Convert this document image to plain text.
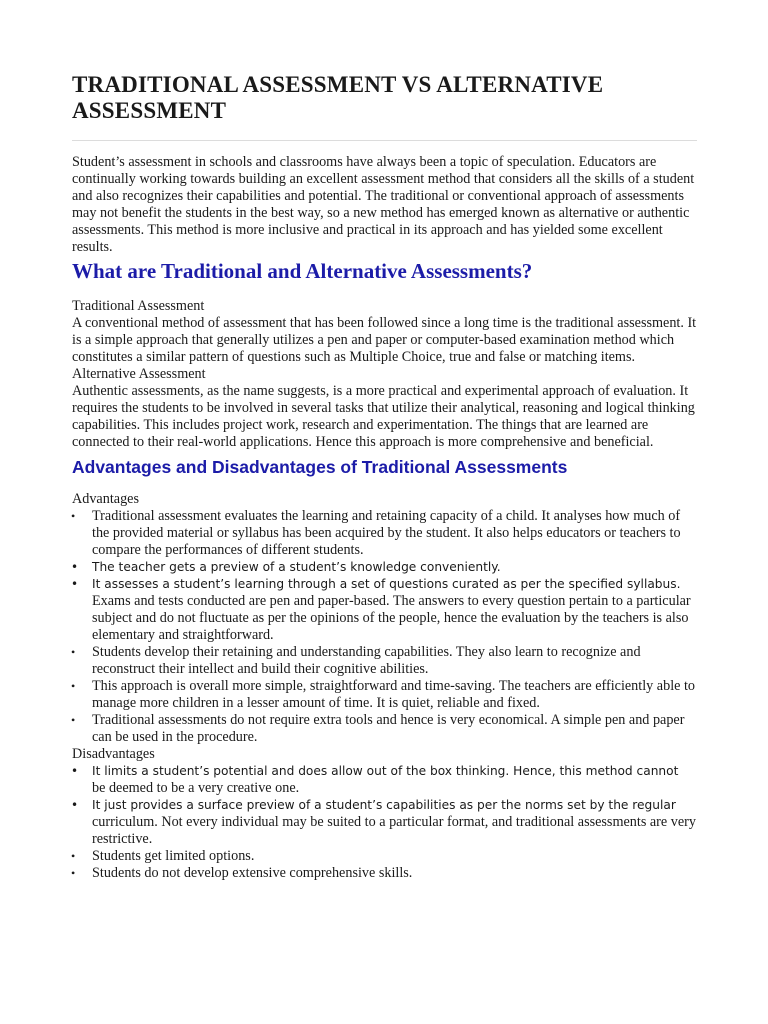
TRADITIONAL ASSESSMENT VS ALTERNATIVE ASSESSMENT

Student’s assessment in schools and classrooms have always been a topic of speculation. Educators are continually working towards building an excellent assessment method that considers all the skills of a student and also recognizes their capabilities and potential. The traditional or conventional approach of assessments may not benefit the students in the best way, so a new method has emerged known as alternative or authentic assessments. This method is more inclusive and practical in its approach and has yielded some excellent results.

What are Traditional and Alternative Assessments?

Traditional Assessment

A conventional method of assessment that has been followed since a long time is the traditional assessment. It is a simple approach that generally utilizes a pen and paper or computer-based examination method which constitutes a similar pattern of questions such as Multiple Choice, true and false or matching items.

Alternative Assessment

Authentic assessments, as the name suggests, is a more practical and experimental approach of evaluation. It requires the students to be involved in several tasks that utilize their analytical, reasoning and logical thinking capabilities. This includes project work, research and experimentation. The things that are learned are connected to their real-world applications. Hence this approach is more comprehensive and beneficial.

Advantages and Disadvantages of Traditional Assessments

Advantages

• Traditional assessment evaluates the learning and retaining capacity of a child. It analyses how much of the provided material or syllabus has been acquired by the student. It also helps educators or teachers to compare the performances of different students.
• The teacher gets a preview of a student’s knowledge conveniently.
• It assesses a student’s learning through a set of questions curated as per the specified syllabus.
Exams and tests conducted are pen and paper-based. The answers to every question pertain to a particular subject and do not fluctuate as per the opinions of the people, hence the evaluation by the teachers is also elementary and straightforward.
• Students develop their retaining and understanding capabilities. They also learn to recognize and reconstruct their intellect and build their cognitive abilities.
• This approach is overall more simple, straightforward and time-saving. The teachers are efficiently able to manage more children in a lesser amount of time. It is quiet, reliable and fixed.
• Traditional assessments do not require extra tools and hence is very economical. A simple pen and paper can be used in the procedure.

Disadvantages

• It limits a student’s potential and does allow out of the box thinking. Hence, this method cannot
be deemed to be a very creative one.
• It just provides a surface preview of a student’s capabilities as per the norms set by the regular
curriculum. Not every individual may be suited to a particular format, and traditional assessments are very restrictive.
• Students get limited options.
• Students do not develop extensive comprehensive skills.
